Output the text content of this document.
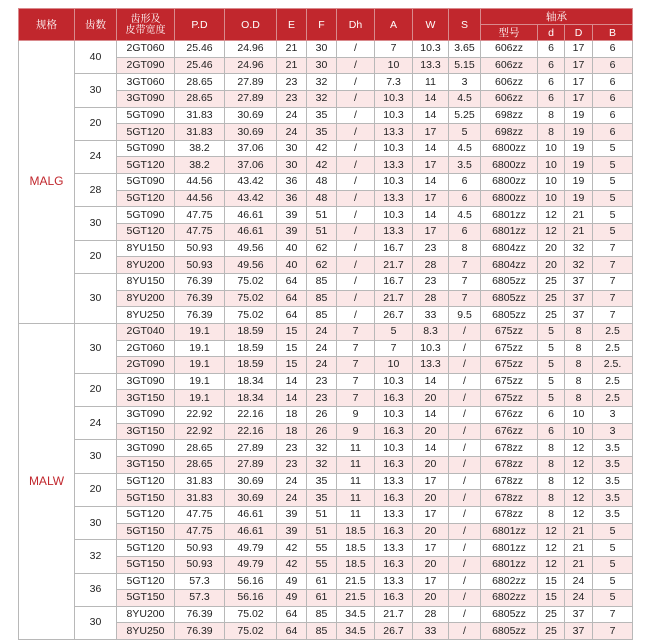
规格	齿数	齿形及
皮带宽度	P.D	O.D	E	F	Dh	A	W	S	轴承			
											型号	d	D	B
MALG	40	2GT060	25.46	24.96	21	30	/	7	10.3	3.65	606zz	6	17	6
		2GT090	25.46	24.96	21	30	/	10	13.3	5.15	606zz	6	17	6
	30	3GT060	28.65	27.89	23	32	/	7.3	11	3	606zz	6	17	6
		3GT090	28.65	27.89	23	32	/	10.3	14	4.5	606zz	6	17	6
	20	5GT090	31.83	30.69	24	35	/	10.3	14	5.25	698zz	8	19	6
		5GT120	31.83	30.69	24	35	/	13.3	17	5	698zz	8	19	6
	24	5GT090	38.2	37.06	30	42	/	10.3	14	4.5	6800zz	10	19	5
		5GT120	38.2	37.06	30	42	/	13.3	17	3.5	6800zz	10	19	5
	28	5GT090	44.56	43.42	36	48	/	10.3	14	6	6800zz	10	19	5
		5GT120	44.56	43.42	36	48	/	13.3	17	6	6800zz	10	19	5
	30	5GT090	47.75	46.61	39	51	/	10.3	14	4.5	6801zz	12	21	5
		5GT120	47.75	46.61	39	51	/	13.3	17	6	6801zz	12	21	5
	20	8YU150	50.93	49.56	40	62	/	16.7	23	8	6804zz	20	32	7
		8YU200	50.93	49.56	40	62	/	21.7	28	7	6804zz	20	32	7
	30	8YU150	76.39	75.02	64	85	/	16.7	23	7	6805zz	25	37	7
		8YU200	76.39	75.02	64	85	/	21.7	28	7	6805zz	25	37	7
		8YU250	76.39	75.02	64	85	/	26.7	33	9.5	6805zz	25	37	7
MALW	30	2GT040	19.1	18.59	15	24	7	5	8.3	/	675zz	5	8	2.5
		2GT060	19.1	18.59	15	24	7	7	10.3	/	675zz	5	8	2.5
		2GT090	19.1	18.59	15	24	7	10	13.3	/	675zz	5	8	2.5.
	20	3GT090	19.1	18.34	14	23	7	10.3	14	/	675zz	5	8	2.5
		3GT150	19.1	18.34	14	23	7	16.3	20	/	675zz	5	8	2.5
	24	3GT090	22.92	22.16	18	26	9	10.3	14	/	676zz	6	10	3
		3GT150	22.92	22.16	18	26	9	16.3	20	/	676zz	6	10	3
	30	3GT090	28.65	27.89	23	32	11	10.3	14	/	678zz	8	12	3.5
		3GT150	28.65	27.89	23	32	11	16.3	20	/	678zz	8	12	3.5
	20	5GT120	31.83	30.69	24	35	11	13.3	17	/	678zz	8	12	3.5
		5GT150	31.83	30.69	24	35	11	16.3	20	/	678zz	8	12	3.5
	30	5GT120	47.75	46.61	39	51	11	13.3	17	/	678zz	8	12	3.5
		5GT150	47.75	46.61	39	51	18.5	16.3	20	/	6801zz	12	21	5
	32	5GT120	50.93	49.79	42	55	18.5	13.3	17	/	6801zz	12	21	5
		5GT150	50.93	49.79	42	55	18.5	16.3	20	/	6801zz	12	21	5
	36	5GT120	57.3	56.16	49	61	21.5	13.3	17	/	6802zz	15	24	5
		5GT150	57.3	56.16	49	61	21.5	16.3	20	/	6802zz	15	24	5
	30	8YU200	76.39	75.02	64	85	34.5	21.7	28	/	6805zz	25	37	7
		8YU250	76.39	75.02	64	85	34.5	26.7	33	/	6805zz	25	37	7
